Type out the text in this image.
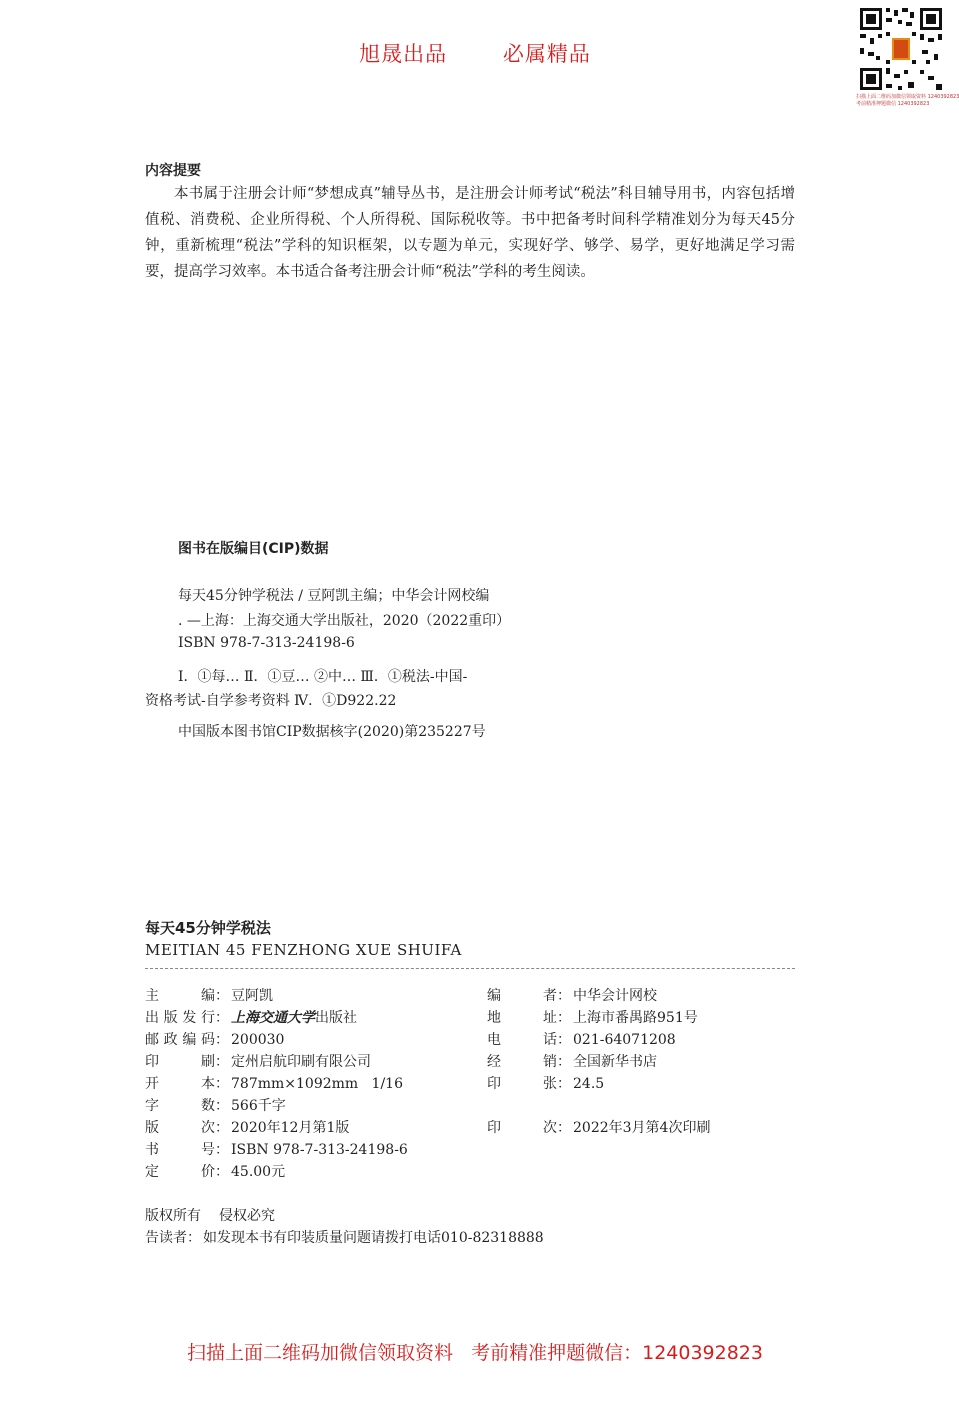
旭晟出品	必属精品
扫描上面二维码加微信领取资料 1240392823
考前精准押题微信 1240392823
内容提要
本书属于注册会计师“梦想成真”辅导丛书，是注册会计师考试“税法”科目辅导用书，内容包括增值税、消费税、企业所得税、个人所得税、国际税收等。书中把备考时间科学精准划分为每天45分钟，重新梳理“税法”学科的知识框架，以专题为单元，实现好学、够学、易学，更好地满足学习需要，提高学习效率。本书适合备考注册会计师“税法”学科的考生阅读。
图书在版编目(CIP)数据
每天45分钟学税法 / 豆阿凯主编；中华会计网校编
. —上海：上海交通大学出版社，2020（2022重印）
ISBN 978-7-313-24198-6
Ⅰ．①每… Ⅱ．①豆… ②中… Ⅲ．①税法-中国-
资格考试-自学参考资料 Ⅳ．①D922.22
中国版本图书馆CIP数据核字(2020)第235227号
每天45分钟学税法
MEITIAN 45 FENZHONG XUE SHUIFA
主编： 豆阿凯
出版发行： 上海交通大学出版社
邮政编码： 200030
印刷： 定州启航印刷有限公司
开本： 787mm×1092mm   1/16
字数： 566千字
版次： 2020年12月第1版
书号： ISBN 978-7-313-24198-6
定价： 45.00元
编者： 中华会计网校
地址： 上海市番禺路951号
电话： 021-64071208
经销： 全国新华书店
印张： 24.5
印次： 2022年3月第4次印刷
版权所有 侵权必究
告读者： 如发现本书有印装质量问题请拨打电话010-82318888
扫描上面二维码加微信领取资料   考前精准押题微信：1240392823
